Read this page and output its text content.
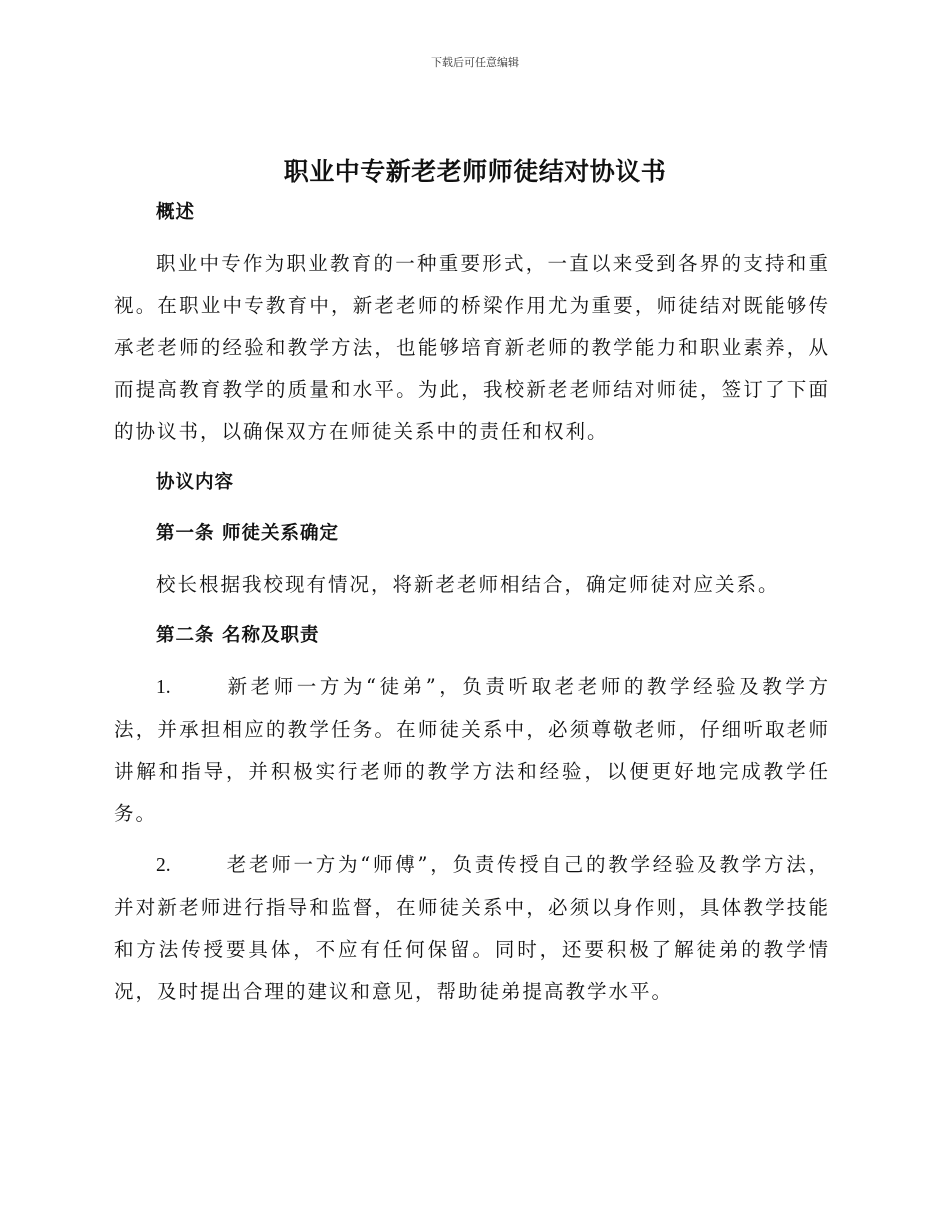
下载后可任意编辑
职业中专新老老师师徒结对协议书

概述

职业中专作为职业教育的一种重要形式，一直以来受到各界的支持和重视。在职业中专教育中，新老老师的桥梁作用尤为重要，师徒结对既能够传承老老师的经验和教学方法，也能够培育新老师的教学能力和职业素养，从而提高教育教学的质量和水平。为此，我校新老老师结对师徒，签订了下面的协议书，以确保双方在师徒关系中的责任和权利。

协议内容

第一条 师徒关系确定

校长根据我校现有情况，将新老老师相结合，确定师徒对应关系。

第二条 名称及职责

1.	新老师一方为“徒弟”，负责听取老老师的教学经验及教学方法，并承担相应的教学任务。在师徒关系中，必须尊敬老师，仔细听取老师讲解和指导，并积极实行老师的教学方法和经验，以便更好地完成教学任务。

2.	老老师一方为“师傅”，负责传授自己的教学经验及教学方法，并对新老师进行指导和监督，在师徒关系中，必须以身作则，具体教学技能和方法传授要具体，不应有任何保留。同时，还要积极了解徒弟的教学情况，及时提出合理的建议和意见，帮助徒弟提高教学水平。
